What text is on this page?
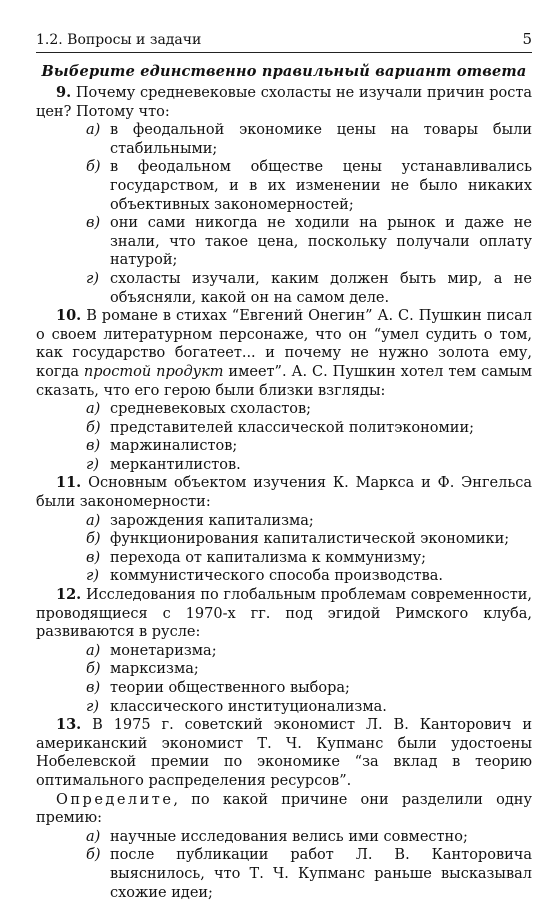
1.2. Вопросы и задачи	5
Выберите единственно правильный вариант ответа

9. Почему средневековые схоласты не изучали причин роста цен? Потому что:

а) в феодальной экономике цены на товары были стабильными;

б) в феодальном обществе цены устанавливались государством, и в их изменении не было никаких объективных закономерностей;

в) они сами никогда не ходили на рынок и даже не знали, что такое цена, поскольку получали оплату натурой;

г) схоласты изучали, каким должен быть мир, а не объясняли, какой он на самом деле.

10. В романе в стихах “Евгений Онегин” А. С. Пушкин писал о своем литературном персонаже, что он “умел судить о том, как государство богатеет... и почему не нужно золота ему, когда простой продукт имеет”. А. С. Пушкин хотел тем самым сказать, что его герою были близки взгляды:

а) средневековых схоластов;

б) представителей классической политэкономии;

в) маржиналистов;

г) меркантилистов.

11. Основным объектом изучения К. Маркса и Ф. Энгельса были закономерности:

а) зарождения капитализма;

б) функционирования капиталистической экономики;

в) перехода от капитализма к коммунизму;

г) коммунистического способа производства.

12. Исследования по глобальным проблемам современности, проводящиеся с 1970-х гг. под эгидой Римского клуба, развиваются в русле:

а) монетаризма;

б) марксизма;

в) теории общественного выбора;

г) классического институционализма.

13. В 1975 г. советский экономист Л. В. Канторович и американский экономист Т. Ч. Купманс были удостоены Нобелевской премии по экономике “за вклад в теорию оптимального распределения ресурсов”.

Определите, по какой причине они разделили одну премию:

а) научные исследования велись ими совместно;

б) после публикации работ Л. В. Канторовича выяснилось, что Т. Ч. Купманс раньше высказывал схожие идеи;
